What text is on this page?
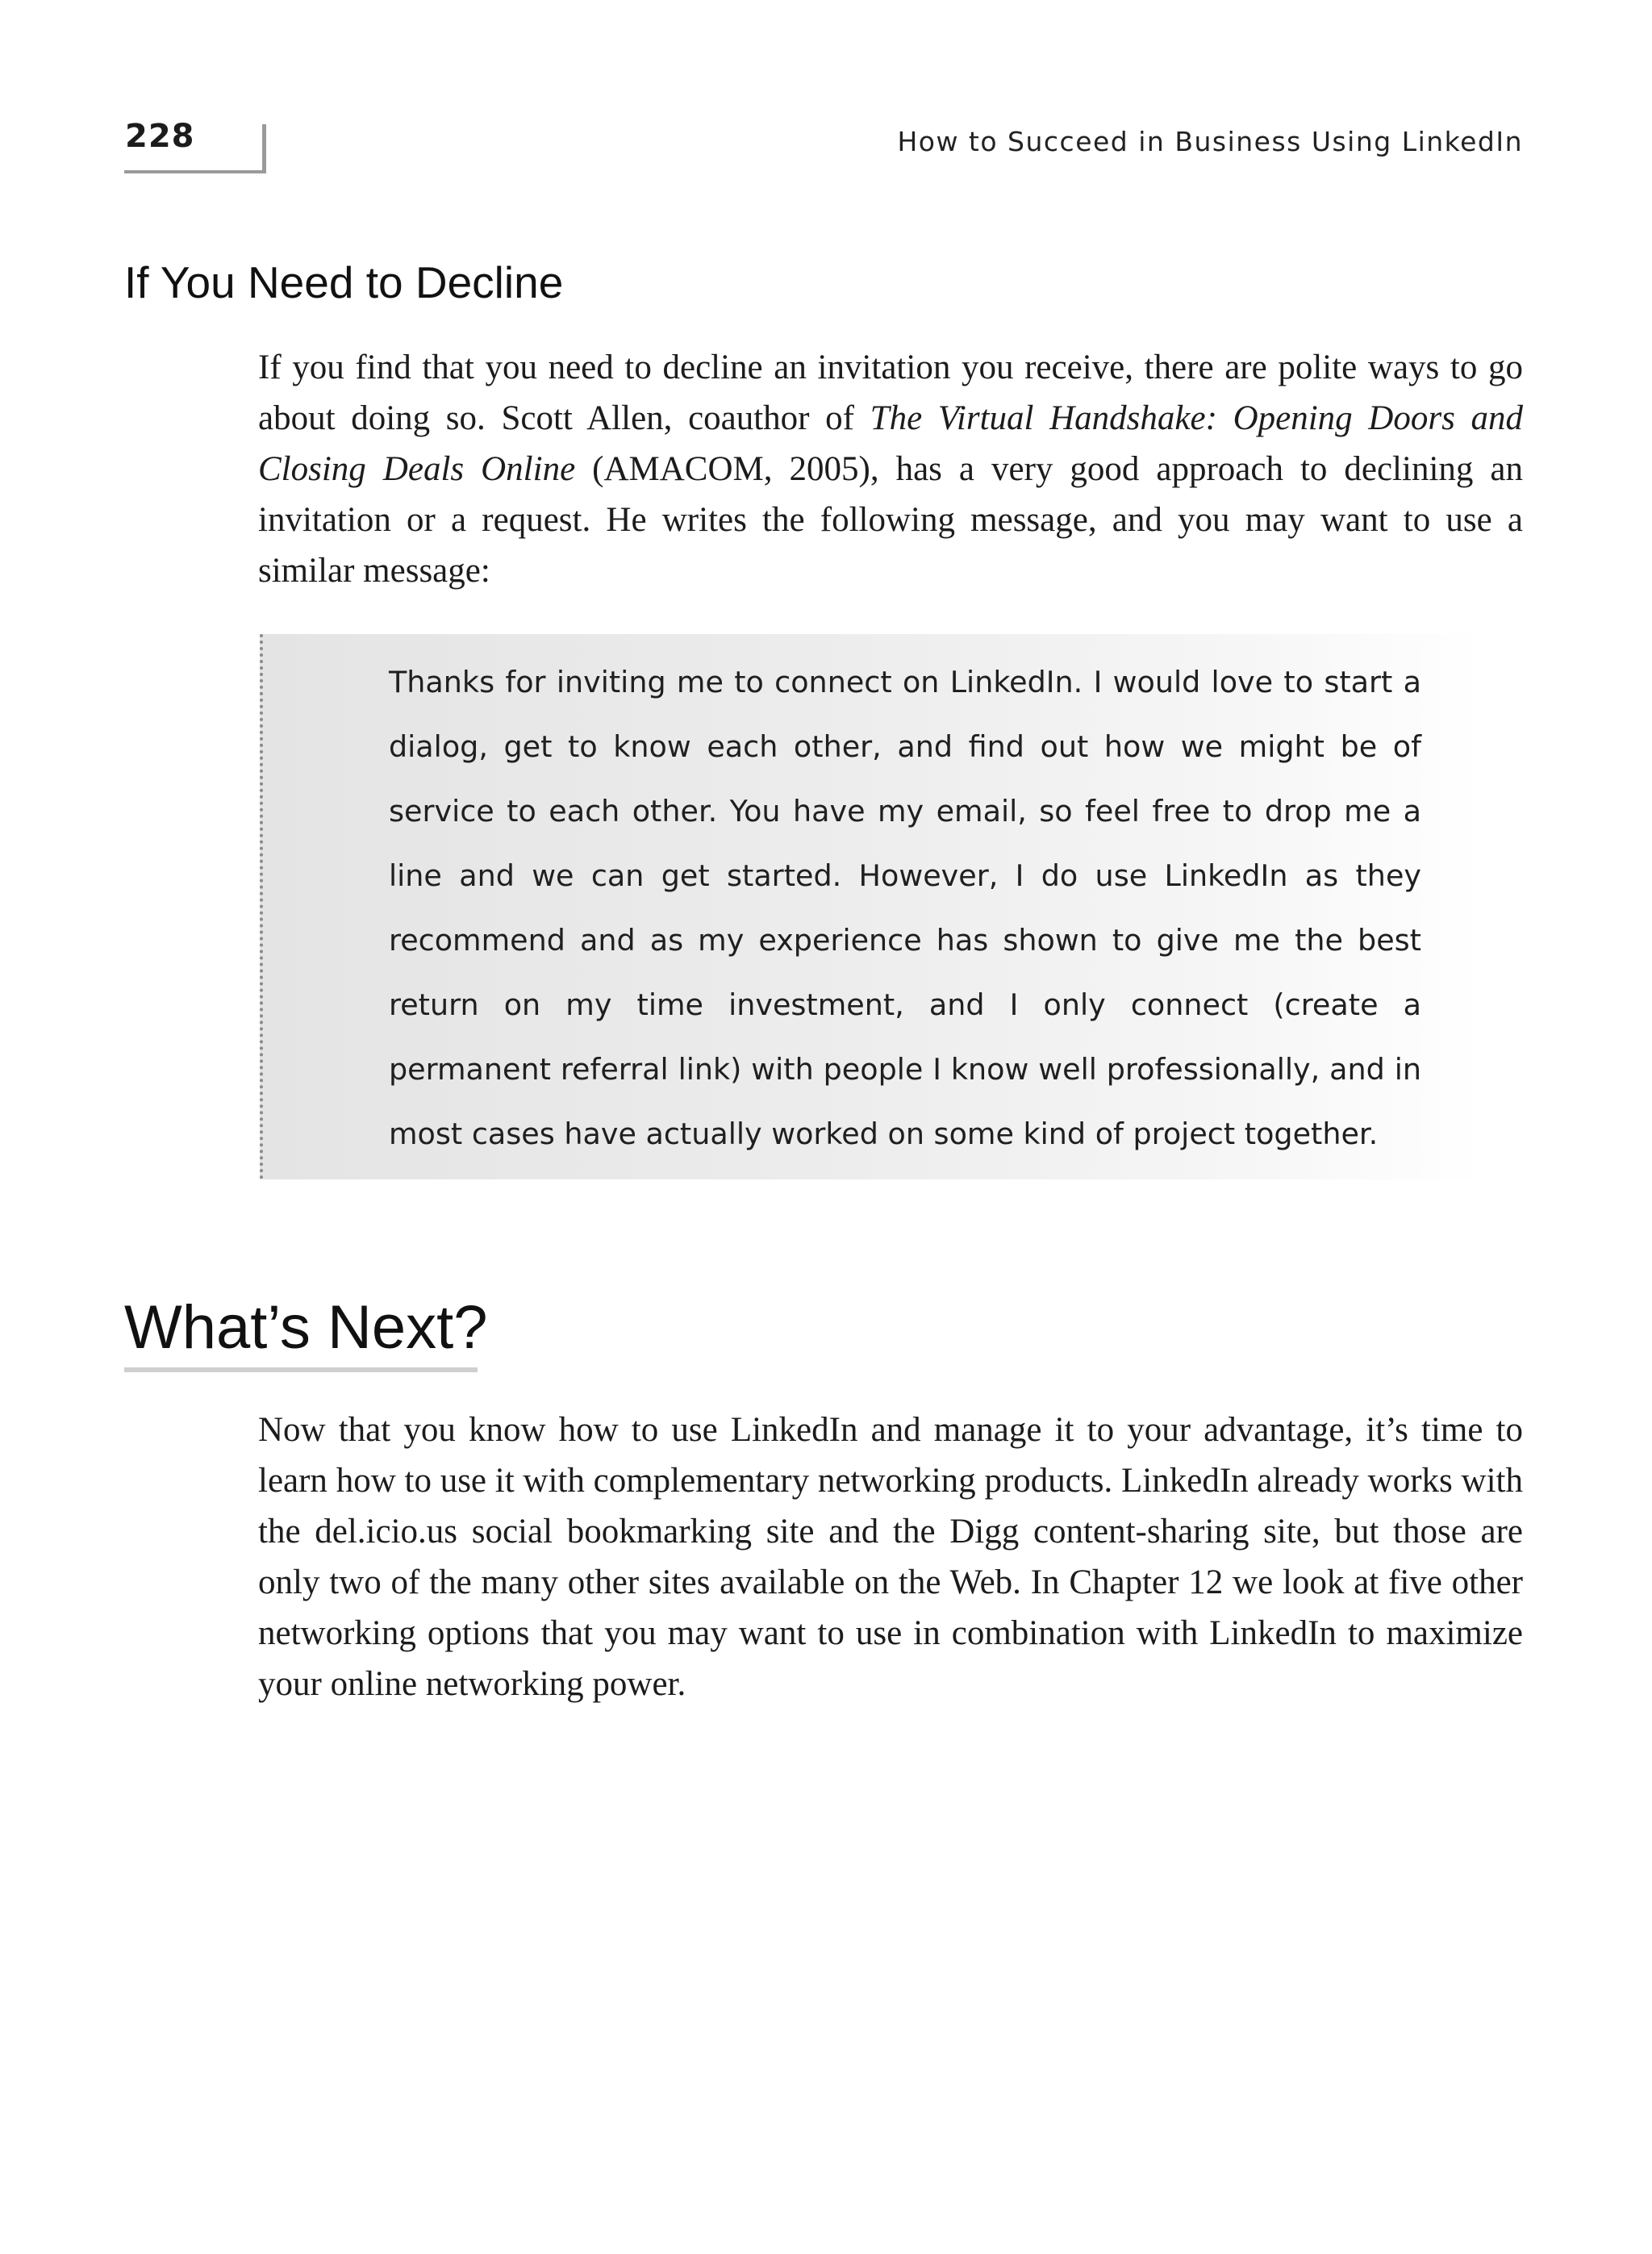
228	How to Succeed in Business Using LinkedIn
If You Need to Decline

If you find that you need to decline an invitation you receive, there are polite ways to go about doing so. Scott Allen, coauthor of The Virtual Handshake: Opening Doors and Closing Deals Online (AMACOM, 2005), has a very good approach to declining an invitation or a request. He writes the following message, and you may want to use a similar message:

Thanks for inviting me to connect on LinkedIn. I would love to start a dialog, get to know each other, and find out how we might be of service to each other. You have my email, so feel free to drop me a line and we can get started. However, I do use LinkedIn as they recommend and as my experience has shown to give me the best return on my time investment, and I only connect (create a permanent referral link) with people I know well professionally, and in most cases have actually worked on some kind of project together.

What’s Next?

Now that you know how to use LinkedIn and manage it to your advantage, it’s time to learn how to use it with complementary networking products. LinkedIn already works with the del.icio.us social bookmarking site and the Digg content-sharing site, but those are only two of the many other sites available on the Web. In Chapter 12 we look at five other networking options that you may want to use in combination with LinkedIn to maximize your online networking power.
